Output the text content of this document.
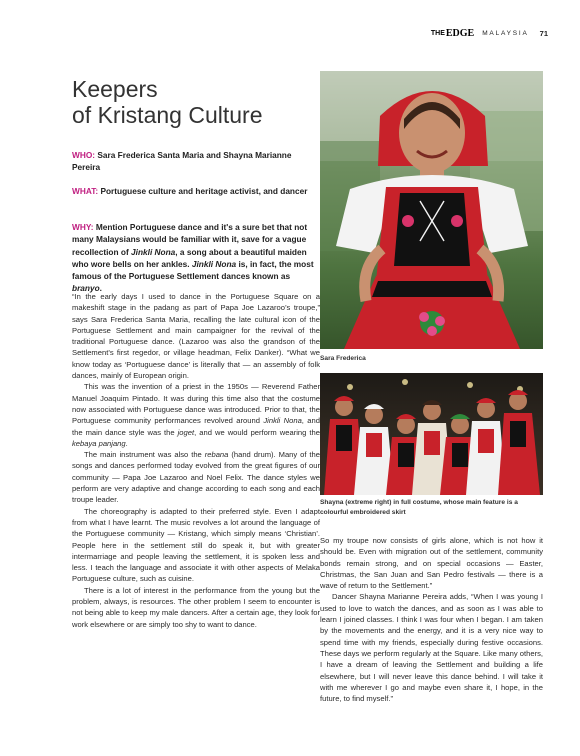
THE EDGE MALAYSIA 71
Keepers
of Kristang Culture
WHO: Sara Frederica Santa Maria and Shayna Marianne Pereira
WHAT: Portuguese culture and heritage activist, and dancer
WHY: Mention Portuguese dance and it's a sure bet that not many Malaysians would be familiar with it, save for a vague recollection of Jinkli Nona, a song about a beautiful maiden who wore bells on her ankles. Jinkli Nona is, in fact, the most famous of the Portuguese Settlement dances known as branyo.

“In the early days I used to dance in the Portuguese Square on a makeshift stage in the padang as part of Papa Joe Lazaroo’s troupe,” says Sara Frederica Santa Maria, recalling the late cultural icon of the Portuguese Settlement and main campaigner for the revival of the traditional Portuguese dance. (Lazaroo was also the grandson of the Settlement’s first regedor, or village headman, Felix Danker). “What we know today as ‘Portuguese dance’ is literally that — an assembly of folk dances, mainly of European origin.

This was the invention of a priest in the 1950s — Reverend Father Manuel Joaquim Pintado. It was during this time also that the costume now associated with Portuguese dance was introduced. Prior to that, the Portuguese community performances revolved around Jinkli Nona, and the main dance style was the joget, and we would perform wearing the kebaya panjang.

The main instrument was also the rebana (hand drum). Many of the songs and dances performed today evolved from the great figures of our community — Papa Joe Lazaroo and Noel Felix. The dance styles we perform are very adaptive and change according to each song and each troupe leader.

The choreography is adapted to their preferred style. Even I adapt from what I have learnt. The music revolves a lot around the language of the Portuguese community — Kristang, which simply means ‘Christian’. People here in the settlement still do speak it, but with greater intermarriage and people leaving the settlement, it is spoken less and less. I teach the language and associate it with other aspects of Melaka Portuguese culture, such as cuisine.

There is a lot of interest in the performance from the young but the problem, always, is resources. The other problem I seem to encounter is not being able to keep my male dancers. After a certain age, they look for work elsewhere or are simply too shy to want to dance.

Sara Frederica
Shayna (extreme right) in full costume, whose main feature is a colourful embroidered skirt

So my troupe now consists of girls alone, which is not how it should be. Even with migration out of the settlement, community bonds remain strong, and on special occasions — Easter, Christmas, the San Juan and San Pedro festivals — there is a wave of return to the Settlement.”

Dancer Shayna Marianne Pereira adds, “When I was young I used to love to watch the dances, and as soon as I was able to learn I joined classes. I think I was four when I began. I am taken by the movements and the energy, and it is a very nice way to spend time with my friends, especially during festive occasions. These days we perform regularly at the Square. Like many others, I have a dream of leaving the Settlement and building a life elsewhere, but I will never leave this dance behind. I will take it with me wherever I go and maybe even share it, I hope, in the future, to find myself.”
